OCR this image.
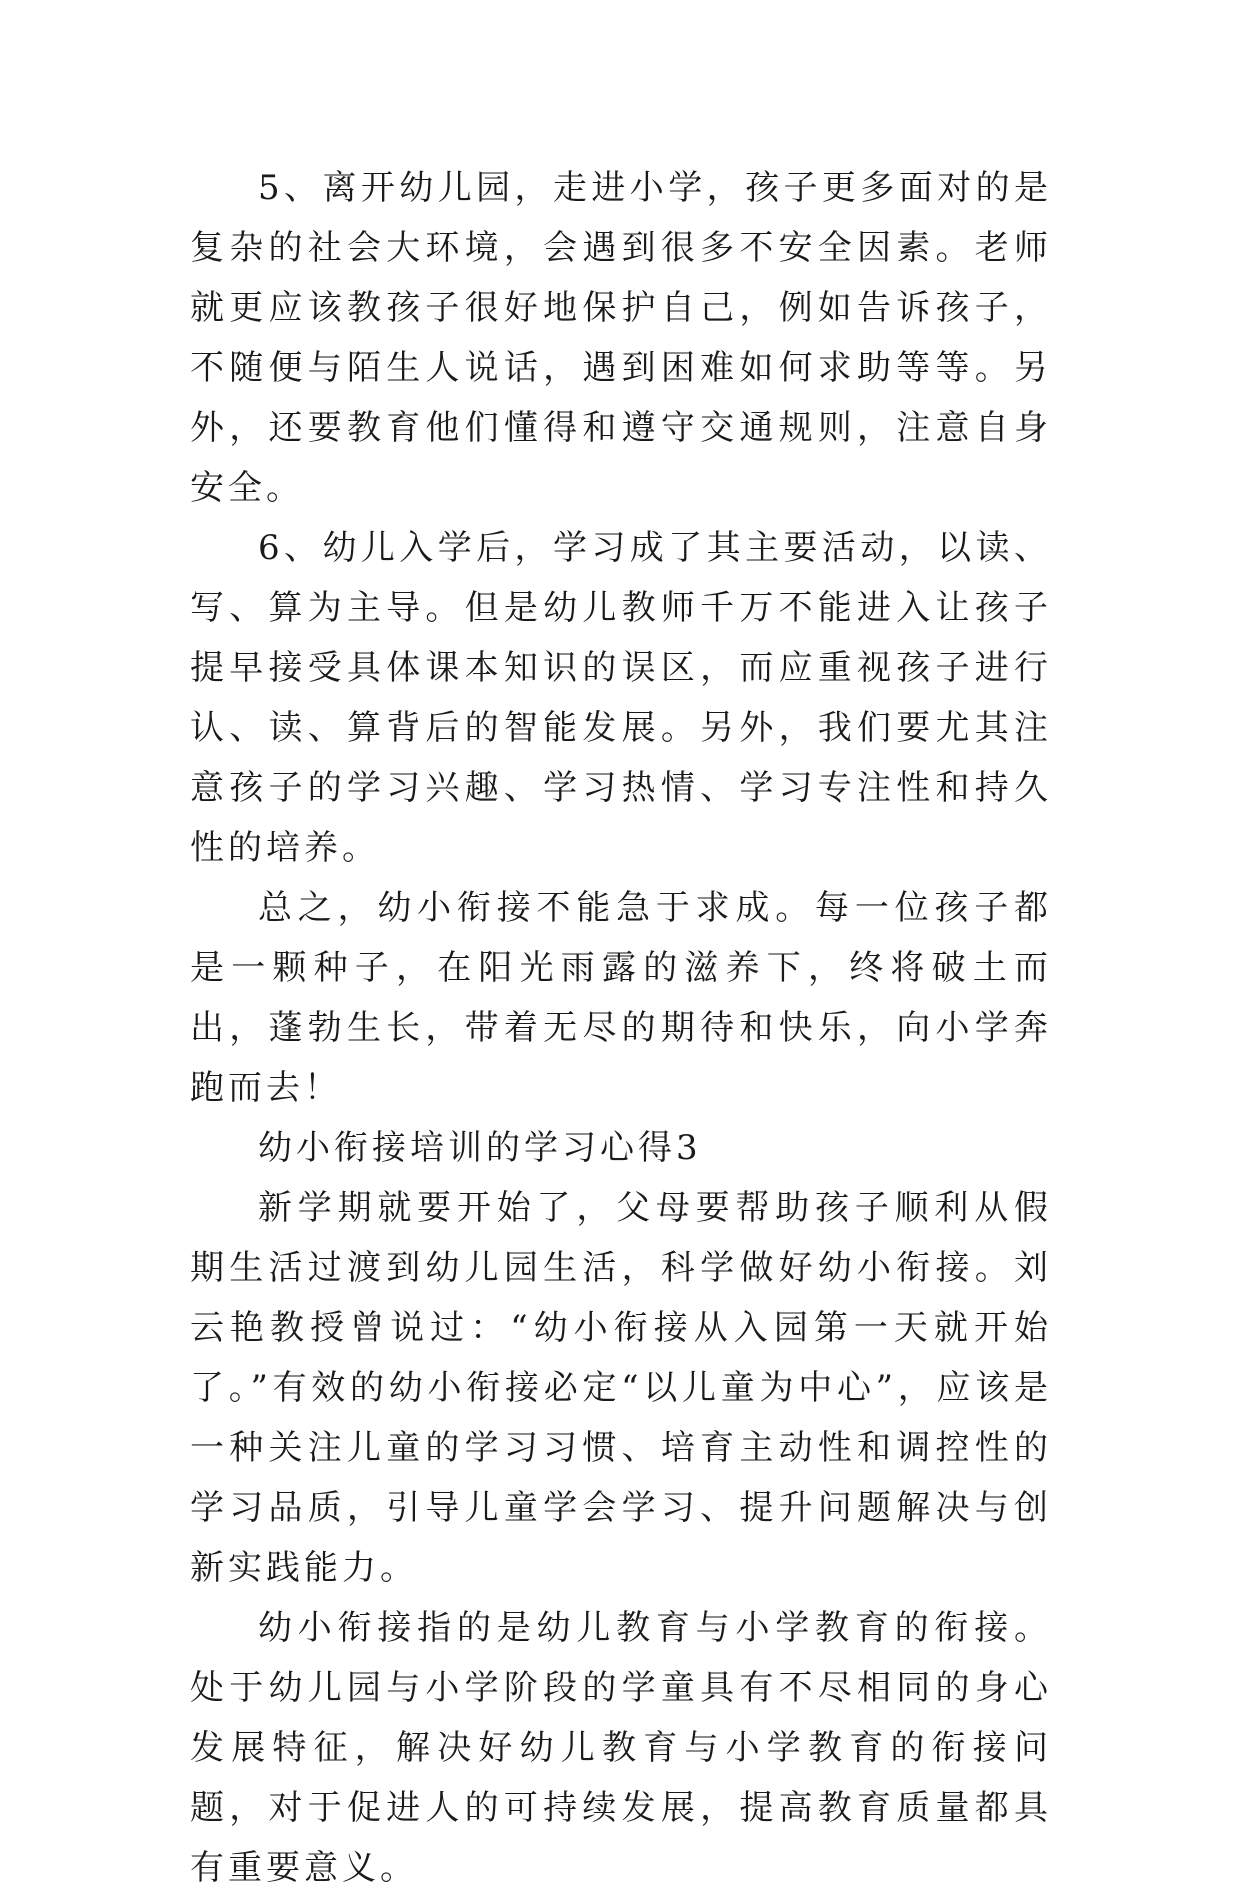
5、离开幼儿园，走进小学，孩子更多面对的是复杂的社会大环境，会遇到很多不安全因素。老师就更应该教孩子很好地保护自己，例如告诉孩子，不随便与陌生人说话，遇到困难如何求助等等。另外，还要教育他们懂得和遵守交通规则，注意自身安全。

6、幼儿入学后，学习成了其主要活动，以读、写、算为主导。但是幼儿教师千万不能进入让孩子提早接受具体课本知识的误区，而应重视孩子进行认、读、算背后的智能发展。另外，我们要尤其注意孩子的学习兴趣、学习热情、学习专注性和持久性的培养。

总之，幼小衔接不能急于求成。每一位孩子都是一颗种子，在阳光雨露的滋养下，终将破土而出，蓬勃生长，带着无尽的期待和快乐，向小学奔跑而去！

幼小衔接培训的学习心得3

新学期就要开始了，父母要帮助孩子顺利从假期生活过渡到幼儿园生活，科学做好幼小衔接。刘云艳教授曾说过：“幼小衔接从入园第一天就开始了。”有效的幼小衔接必定“以儿童为中心”，应该是一种关注儿童的学习习惯、培育主动性和调控性的学习品质，引导儿童学会学习、提升问题解决与创新实践能力。

幼小衔接指的是幼儿教育与小学教育的衔接。处于幼儿园与小学阶段的学童具有不尽相同的身心发展特征，解决好幼儿教育与小学教育的衔接问题，对于促进人的可持续发展，提高教育质量都具有重要意义。
